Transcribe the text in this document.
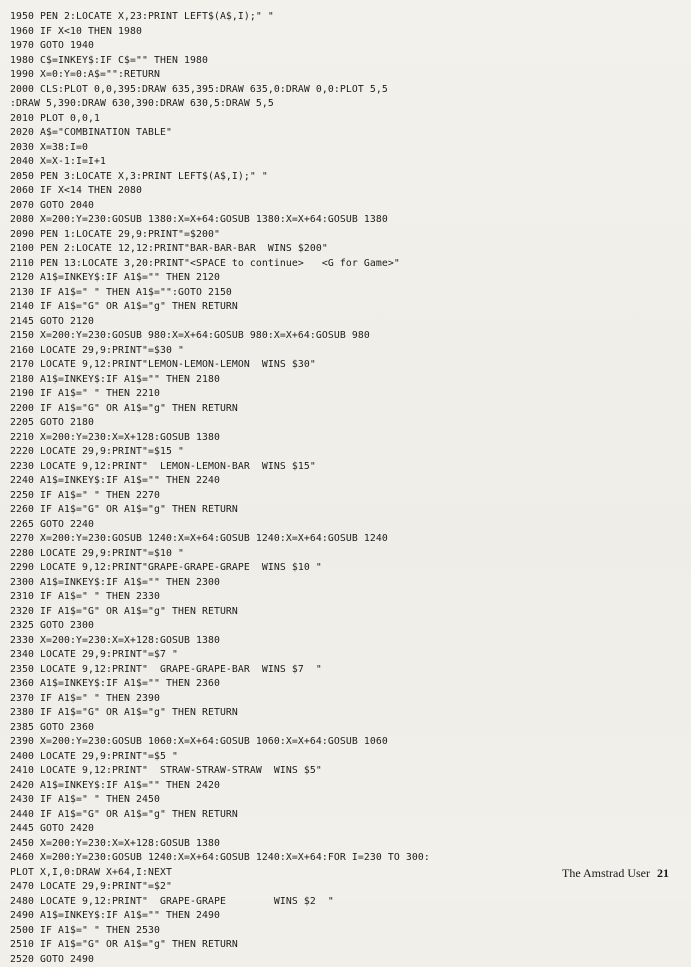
1950 PEN 2:LOCATE X,23:PRINT LEFT$(A$,I);" "
1960 IF X<10 THEN 1980
1970 GOTO 1940
1980 C$=INKEY$:IF C$="" THEN 1980
1990 X=0:Y=0:A$="":RETURN
2000 CLS:PLOT 0,0,395:DRAW 635,395:DRAW 635,0:DRAW 0,0:PLOT 5,5
:DRAW 5,390:DRAW 630,390:DRAW 630,5:DRAW 5,5
2010 PLOT 0,0,1
2020 A$="COMBINATION TABLE"
2030 X=38:I=0
2040 X=X-1:I=I+1
2050 PEN 3:LOCATE X,3:PRINT LEFT$(A$,I);" "
2060 IF X<14 THEN 2080
2070 GOTO 2040
2080 X=200:Y=230:GOSUB 1380:X=X+64:GOSUB 1380:X=X+64:GOSUB 1380
2090 PEN 1:LOCATE 29,9:PRINT"=$200"
2100 PEN 2:LOCATE 12,12:PRINT"BAR-BAR-BAR  WINS $200"
2110 PEN 13:LOCATE 3,20:PRINT"<SPACE to continue>   <G for Game>"
2120 A1$=INKEY$:IF A1$="" THEN 2120
2130 IF A1$=" " THEN A1$="":GOTO 2150
2140 IF A1$="G" OR A1$="g" THEN RETURN
2145 GOTO 2120
2150 X=200:Y=230:GOSUB 980:X=X+64:GOSUB 980:X=X+64:GOSUB 980
2160 LOCATE 29,9:PRINT"=$30 "
2170 LOCATE 9,12:PRINT"LEMON-LEMON-LEMON  WINS $30"
2180 A1$=INKEY$:IF A1$="" THEN 2180
2190 IF A1$=" " THEN 2210
2200 IF A1$="G" OR A1$="g" THEN RETURN
2205 GOTO 2180
2210 X=200:Y=230:X=X+128:GOSUB 1380
2220 LOCATE 29,9:PRINT"=$15 "
2230 LOCATE 9,12:PRINT"  LEMON-LEMON-BAR  WINS $15"
2240 A1$=INKEY$:IF A1$="" THEN 2240
2250 IF A1$=" " THEN 2270
2260 IF A1$="G" OR A1$="g" THEN RETURN
2265 GOTO 2240
2270 X=200:Y=230:GOSUB 1240:X=X+64:GOSUB 1240:X=X+64:GOSUB 1240
2280 LOCATE 29,9:PRINT"=$10 "
2290 LOCATE 9,12:PRINT"GRAPE-GRAPE-GRAPE  WINS $10 "
2300 A1$=INKEY$:IF A1$="" THEN 2300
2310 IF A1$=" " THEN 2330
2320 IF A1$="G" OR A1$="g" THEN RETURN
2325 GOTO 2300
2330 X=200:Y=230:X=X+128:GOSUB 1380
2340 LOCATE 29,9:PRINT"=$7 "
2350 LOCATE 9,12:PRINT"  GRAPE-GRAPE-BAR  WINS $7  "
2360 A1$=INKEY$:IF A1$="" THEN 2360
2370 IF A1$=" " THEN 2390
2380 IF A1$="G" OR A1$="g" THEN RETURN
2385 GOTO 2360
2390 X=200:Y=230:GOSUB 1060:X=X+64:GOSUB 1060:X=X+64:GOSUB 1060
2400 LOCATE 29,9:PRINT"=$5 "
2410 LOCATE 9,12:PRINT"  STRAW-STRAW-STRAW  WINS $5"
2420 A1$=INKEY$:IF A1$="" THEN 2420
2430 IF A1$=" " THEN 2450
2440 IF A1$="G" OR A1$="g" THEN RETURN
2445 GOTO 2420
2450 X=200:Y=230:X=X+128:GOSUB 1380
2460 X=200:Y=230:GOSUB 1240:X=X+64:GOSUB 1240:X=X+64:FOR I=230 TO 300:
PLOT X,I,0:DRAW X+64,I:NEXT
2470 LOCATE 29,9:PRINT"=$2"
2480 LOCATE 9,12:PRINT"  GRAPE-GRAPE        WINS $2  "
2490 A1$=INKEY$:IF A1$="" THEN 2490
2500 IF A1$=" " THEN 2530
2510 IF A1$="G" OR A1$="g" THEN RETURN
2520 GOTO 2490
The Amstrad User 21
